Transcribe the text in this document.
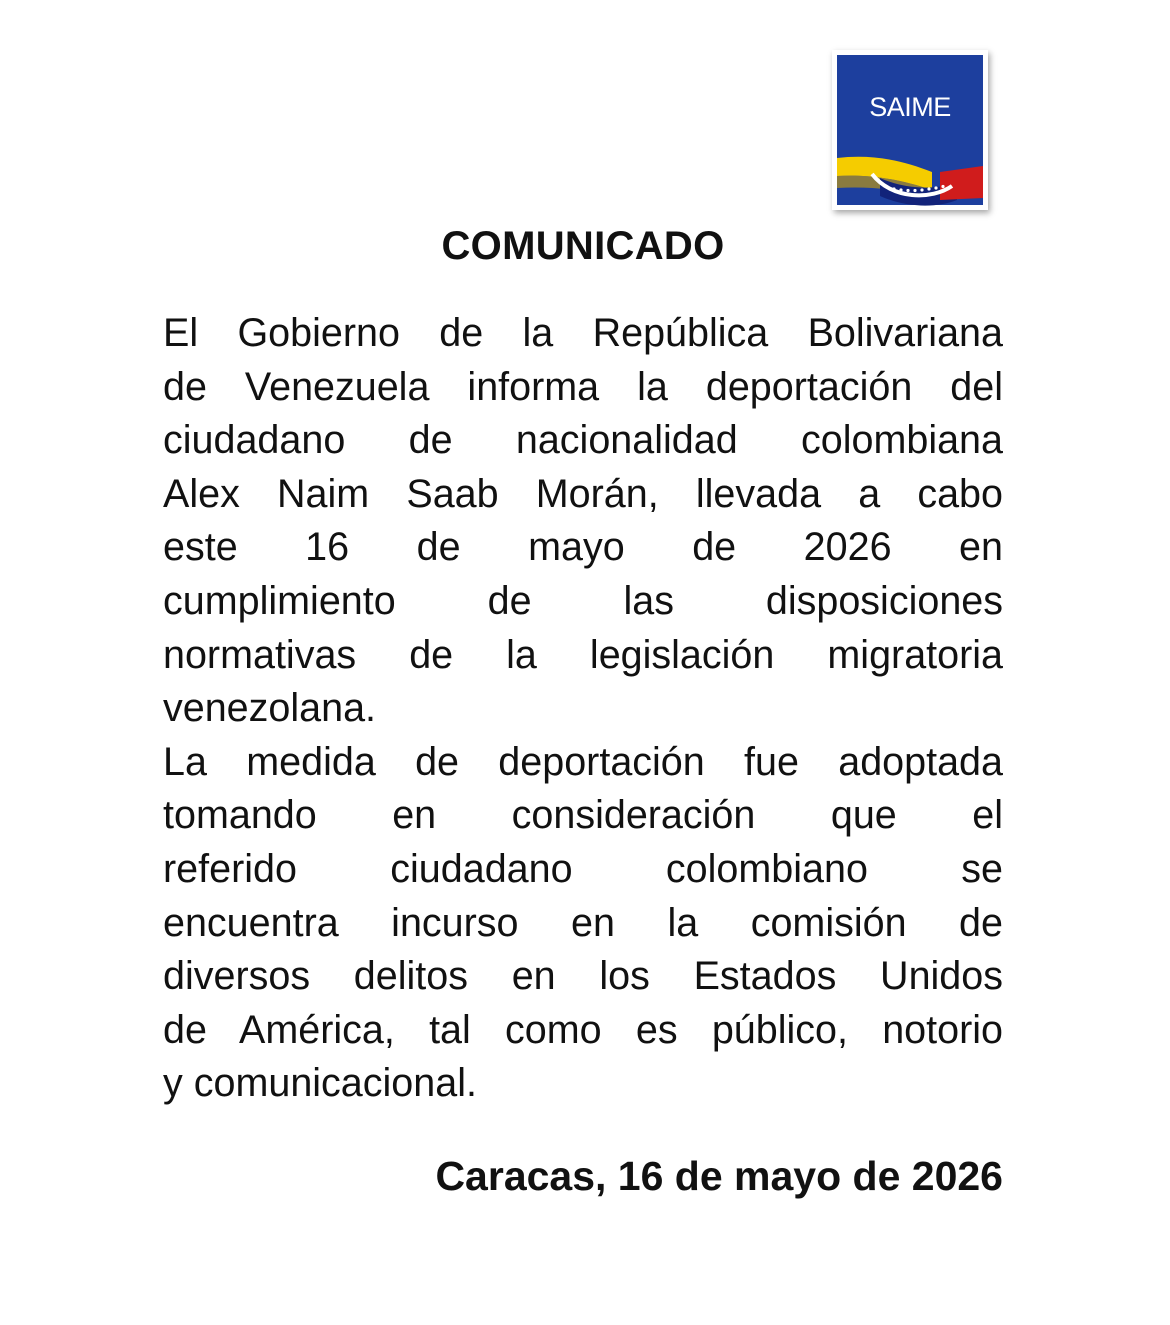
SAIME
COMUNICADO
El Gobierno de la República Bolivariana
de Venezuela informa la deportación del
ciudadano de nacionalidad colombiana
Alex Naim Saab Morán, llevada a cabo
este 16 de mayo de 2026 en
cumplimiento de las disposiciones
normativas de la legislación migratoria
venezolana.
La medida de deportación fue adoptada
tomando en consideración que el
referido ciudadano colombiano se
encuentra incurso en la comisión de
diversos delitos en los Estados Unidos
de América, tal como es público, notorio
y comunicacional.
Caracas, 16 de mayo de 2026
